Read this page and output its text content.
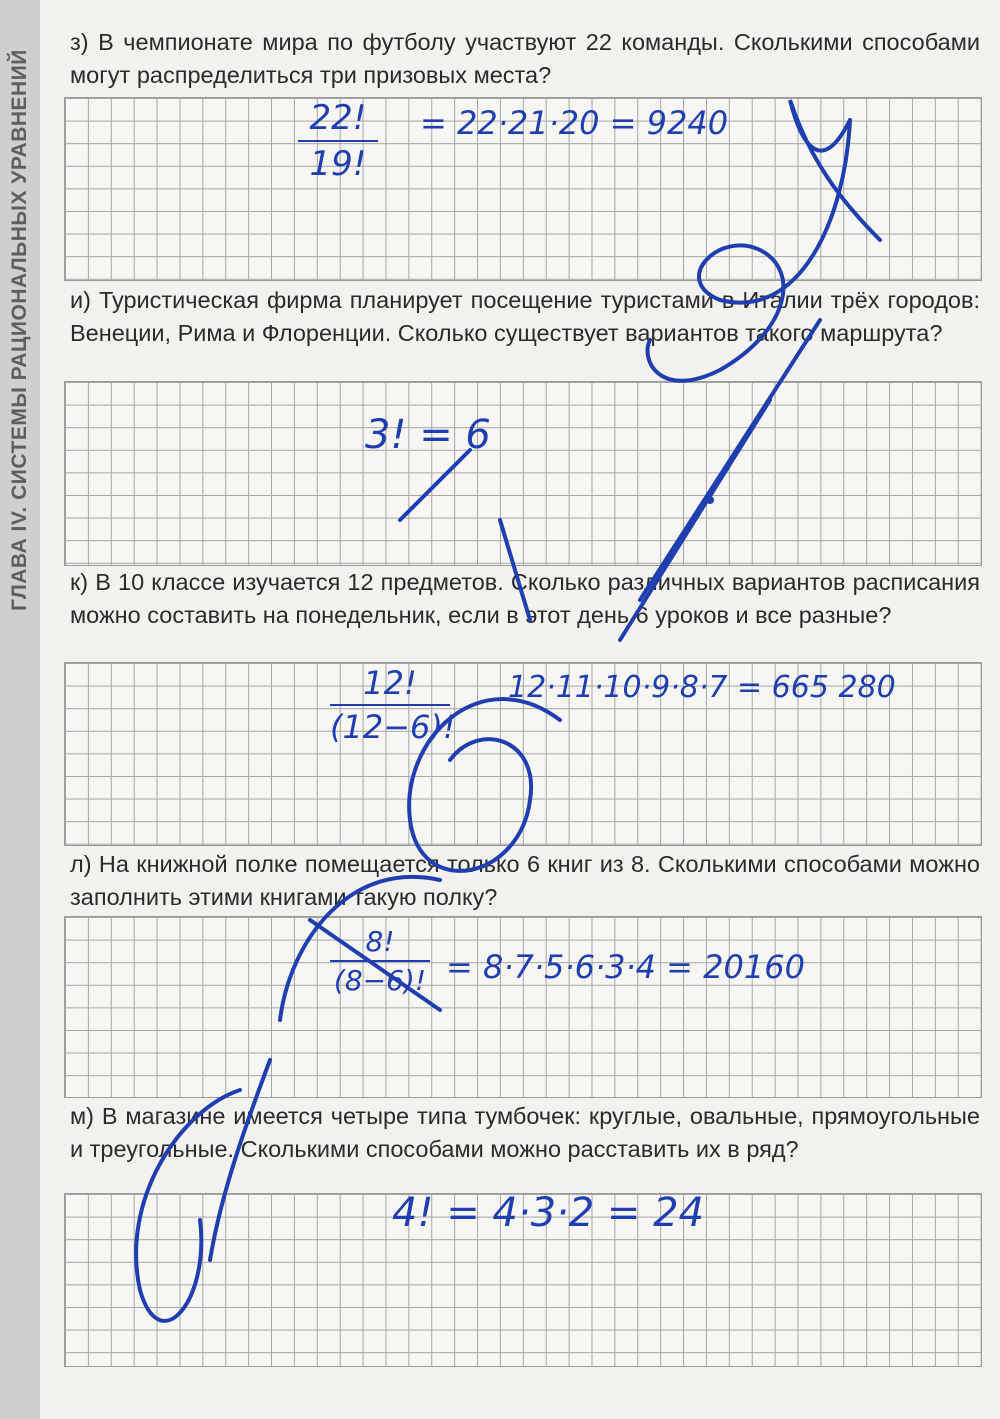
ГЛАВА IV. СИСТЕМЫ РАЦИОНАЛЬНЫХ УРАВНЕНИЙ
з) В чемпионате мира по футболу участвуют 22 команды. Сколькими способами могут распределиться три призовых места?
22!
19!
= 22·21·20 = 9240
и) Туристическая фирма планирует посещение туристами в Италии трёх городов: Венеции, Рима и Флоренции. Сколько существует вариантов такого маршрута?
3! = 6
к) В 10 классе изучается 12 предметов. Сколько различных вариантов расписания можно составить на понедельник, если в этот день 6 уроков и все разные?
12!
(12−6)!
12·11·10·9·8·7 = 665 280
л) На книжной полке помещается только 6 книг из 8. Сколькими способами можно заполнить этими книгами такую полку?
8!
(8−6)! = 8·7·5·6·3·4 = 20160
м) В магазине имеется четыре типа тумбочек: круглые, овальные, прямоугольные и треугольные. Сколькими способами можно расставить их в ряд?
4! = 4·3·2 = 24
